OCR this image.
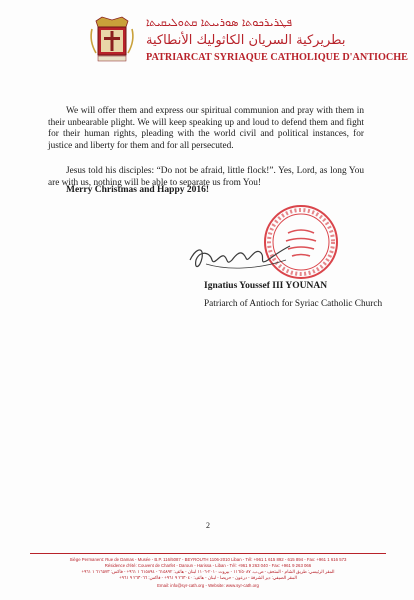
ܦܛܪܝܪܟܘܬܐ ܣܘܪܝܝܬܐ ܩܬܘܠܝܩܝܬܐ
بطريركية السريان الكاثوليك الأنطاكية
PATRIARCAT SYRIAQUE CATHOLIQUE D'ANTIOCHE

We will offer them and express our spiritual communion and pray with them in their unbearable plight. We will keep speaking up and loud to defend them and fight for their human rights, pleading with the world civil and political instances, for justice and liberty for them and for all persecuted.

Jesus told his disciples: “Do not be afraid, little flock!”. Yes, Lord, as long You are with us, nothing will be able to separate us from You!

Merry Christmas and Happy 2016!
Ignatius Youssef III YOUNAN
Patriarch of Antioch for Syriac Catholic Church
2
Siège Permanent: Rue de Damas - Musée - B.P. 116/5087 - BEYROUTH 1106-2010 Liban - Tél: +961 1 615 892 - 615 894 - Fax: +961 1 616 573
Résidence d'été: Couvent de Charfet - Daroun - Harissa - Liban - Tél: +961 9 263 040 - Fax: +961 9 263 066
المقر الرئيسي: طريق الشام - المتحف - ص.ب. ١١٦/٥٠٨٧ - بيروت ٢٠١٠-١١٠٦ لبنان - هاتف: ٦١٥٨٩٢ - ٦١٥٨٩٤ ١ ٩٦١+ - فاكس: ٦١٦٥٧٣ ١ ٩٦١+
المقر الصيفي: دير الشرفة - درعون - حريصا - لبنان - هاتف: ٢٦٣٠٤٠ ٩ ٩٦١+ - فاكس: ٢٦٣٠٦٦ ٩ ٩٦١+
Email: info@syr-cath.org - Website: www.syr-cath.org
